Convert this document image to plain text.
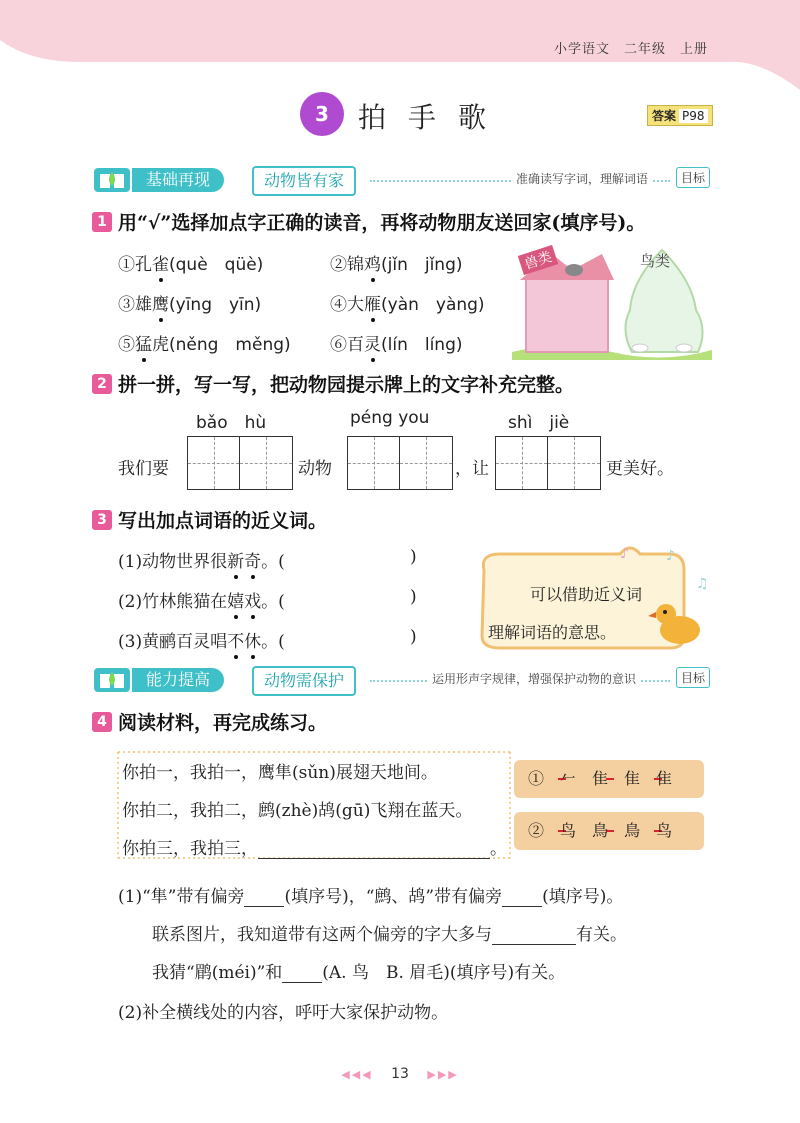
小学语文　二年级　上册
3	拍手歌	答案 P98
基础再现	动物皆有家	准确读写字词，理解词语	目标
1 用“√”选择加点字正确的读音，再将动物朋友送回家(填序号)。
①孔雀(què　qüè)	②锦鸡(jǐn　jǐng)
③雄鹰(yīng　yīn)	④大雁(yàn　yàng)
⑤猛虎(něng　měng) ⑥百灵(lín　líng)
兽类	鸟类
2 拼一拼，写一写，把动物园提示牌上的文字补充完整。
bǎo　hù	péng you	shì　jiè
我们要	动物	，让	更美好。
3 写出加点词语的近义词。
(1)动物世界很新奇。(	)
(2)竹林熊猫在嬉戏。(	)
(3)黄鹂百灵唱不休。(	)
♪	♪
♫
可以借助近义词
理解词语的意思。
能力提高	动物需保护	运用形声字规律，增强保护动物的意识	目标
4 阅读材料，再完成练习。
你拍一，我拍一，鹰隼(sǔn)展翅天地间。
你拍二，我拍二，鹧(zhè)鸪(gū)飞翔在蓝天。
你拍三，我拍三，	。
①　 𠂉　 隹　 隹　 隹
②　 鸟　 鳥　 鳥　 鸟
(1)“隼”带有偏旁 (填序号)，“鹧、鸪”带有偏旁 (填序号)。
联系图片，我知道带有这两个偏旁的字大多与	有关。
我猜“鹛(méi)”和 (A. 鸟　B. 眉毛)(填序号)有关。
(2)补全横线处的内容，呼吁大家保护动物。
◀◀◀ 13 ▶▶▶
